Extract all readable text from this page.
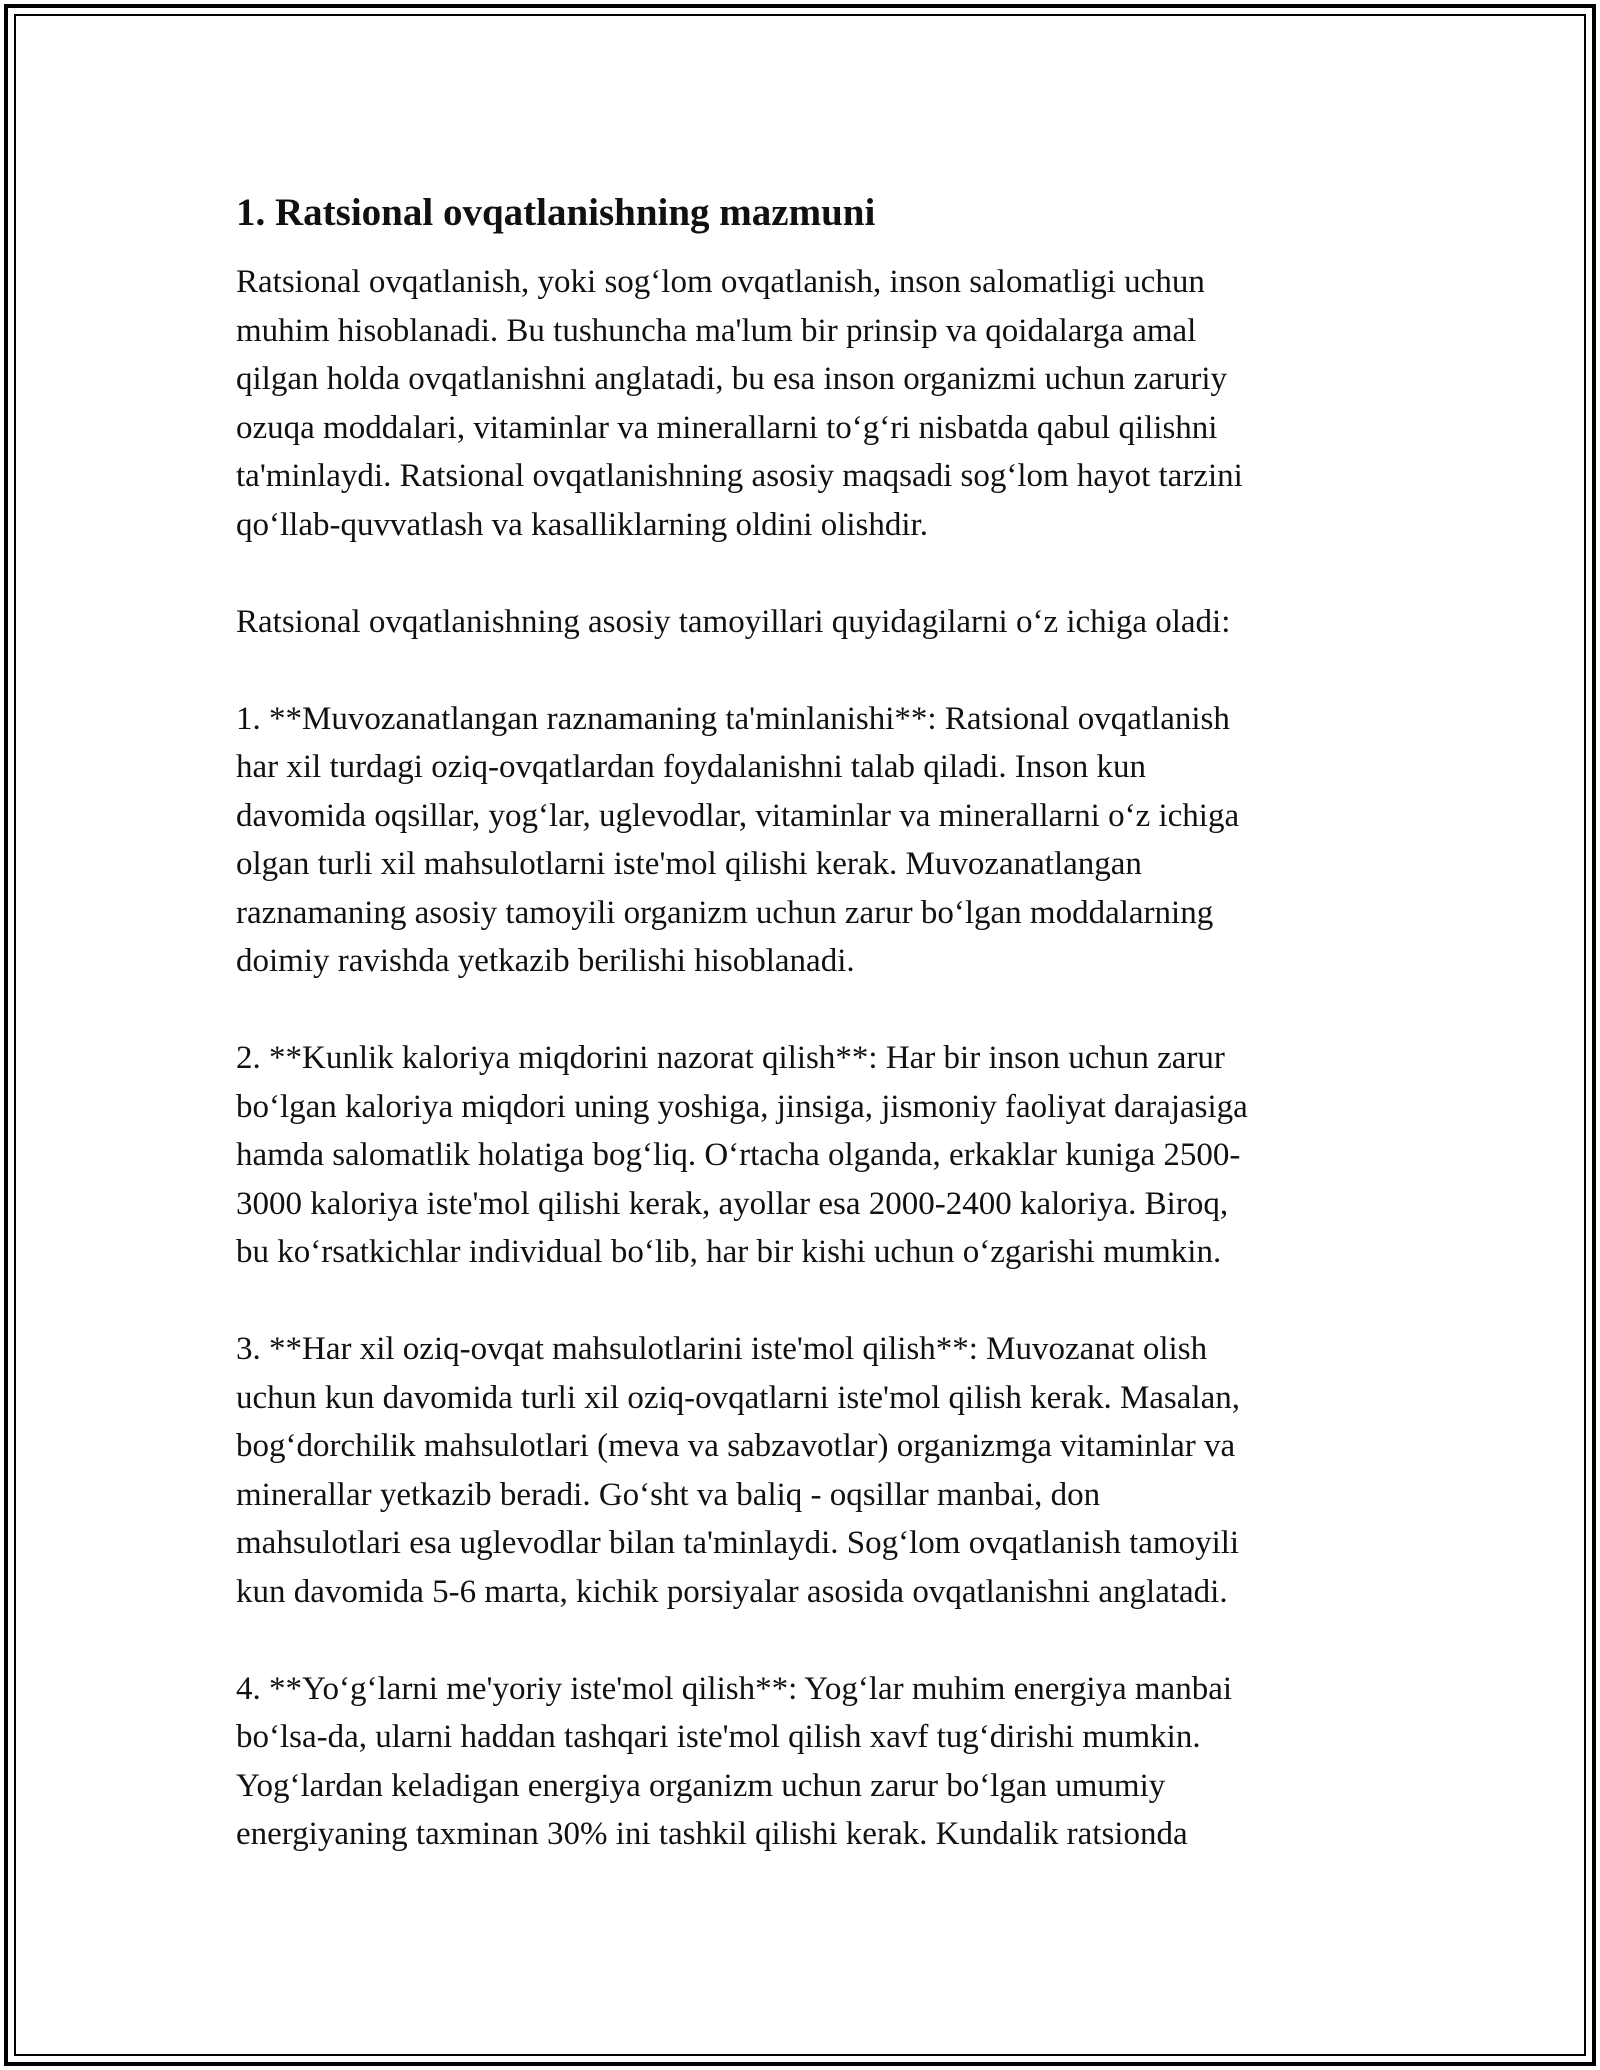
1. Ratsional ovqatlanishning mazmuni

Ratsional ovqatlanish, yoki sog‘lom ovqatlanish, inson salomatligi uchun
muhim hisoblanadi. Bu tushuncha ma'lum bir prinsip va qoidalarga amal
qilgan holda ovqatlanishni anglatadi, bu esa inson organizmi uchun zaruriy
ozuqa moddalari, vitaminlar va minerallarni to‘g‘ri nisbatda qabul qilishni
ta'minlaydi. Ratsional ovqatlanishning asosiy maqsadi sog‘lom hayot tarzini
qo‘llab-quvvatlash va kasalliklarning oldini olishdir.

Ratsional ovqatlanishning asosiy tamoyillari quyidagilarni o‘z ichiga oladi:

1. **Muvozanatlangan raznamaning ta'minlanishi**: Ratsional ovqatlanish
har xil turdagi oziq-ovqatlardan foydalanishni talab qiladi. Inson kun
davomida oqsillar, yog‘lar, uglevodlar, vitaminlar va minerallarni o‘z ichiga
olgan turli xil mahsulotlarni iste'mol qilishi kerak. Muvozanatlangan
raznamaning asosiy tamoyili organizm uchun zarur bo‘lgan moddalarning
doimiy ravishda yetkazib berilishi hisoblanadi.

2. **Kunlik kaloriya miqdorini nazorat qilish**: Har bir inson uchun zarur
bo‘lgan kaloriya miqdori uning yoshiga, jinsiga, jismoniy faoliyat darajasiga
hamda salomatlik holatiga bog‘liq. O‘rtacha olganda, erkaklar kuniga 2500-
3000 kaloriya iste'mol qilishi kerak, ayollar esa 2000-2400 kaloriya. Biroq,
bu ko‘rsatkichlar individual bo‘lib, har bir kishi uchun o‘zgarishi mumkin.

3. **Har xil oziq-ovqat mahsulotlarini iste'mol qilish**: Muvozanat olish
uchun kun davomida turli xil oziq-ovqatlarni iste'mol qilish kerak. Masalan,
bog‘dorchilik mahsulotlari (meva va sabzavotlar) organizmga vitaminlar va
minerallar yetkazib beradi. Go‘sht va baliq - oqsillar manbai, don
mahsulotlari esa uglevodlar bilan ta'minlaydi. Sog‘lom ovqatlanish tamoyili
kun davomida 5-6 marta, kichik porsiyalar asosida ovqatlanishni anglatadi.

4. **Yo‘g‘larni me'yoriy iste'mol qilish**: Yog‘lar muhim energiya manbai
bo‘lsa-da, ularni haddan tashqari iste'mol qilish xavf tug‘dirishi mumkin.
Yog‘lardan keladigan energiya organizm uchun zarur bo‘lgan umumiy
energiyaning taxminan 30% ini tashkil qilishi kerak. Kundalik ratsionda
